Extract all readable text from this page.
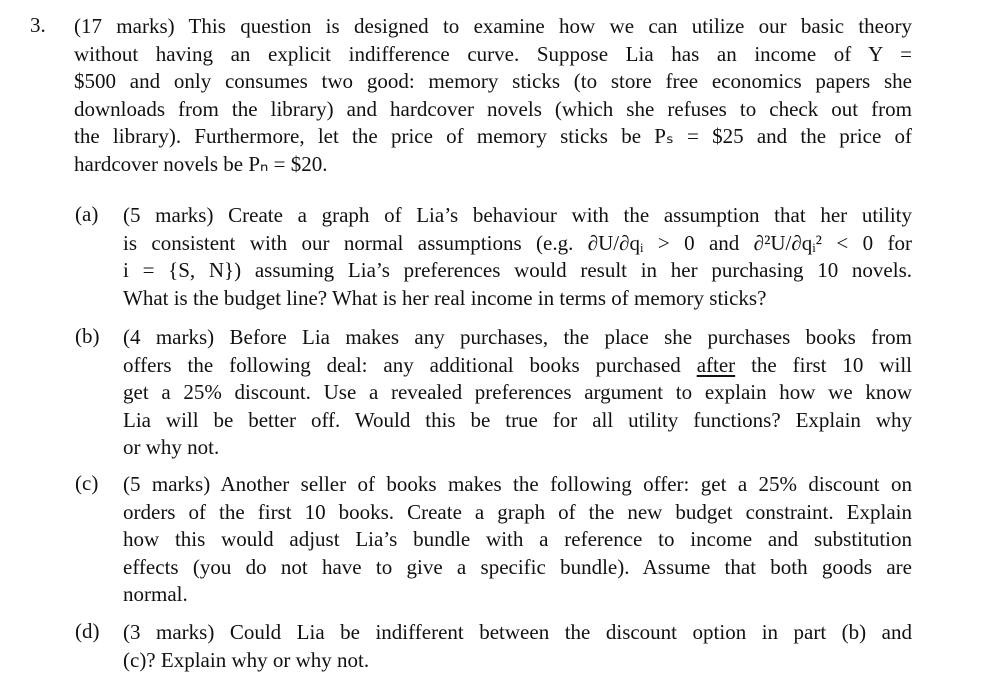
3. (17 marks) This question is designed to examine how we can utilize our basic theory
without having an explicit indifference curve. Suppose Lia has an income of Y =
$500 and only consumes two good: memory sticks (to store free economics papers she
downloads from the library) and hardcover novels (which she refuses to check out from
the library). Furthermore, let the price of memory sticks be Pₛ = $25 and the price of
hardcover novels be Pₙ = $20.
(a) (5 marks) Create a graph of Lia’s behaviour with the assumption that her utility
is consistent with our normal assumptions (e.g. ∂U/∂qᵢ > 0 and ∂²U/∂qᵢ² < 0 for
i = {S, N}) assuming Lia’s preferences would result in her purchasing 10 novels.
What is the budget line? What is her real income in terms of memory sticks?
(b) (4 marks) Before Lia makes any purchases, the place she purchases books from
offers the following deal: any additional books purchased after the first 10 will
get a 25% discount. Use a revealed preferences argument to explain how we know
Lia will be better off. Would this be true for all utility functions? Explain why
or why not.
(c) (5 marks) Another seller of books makes the following offer: get a 25% discount on
orders of the first 10 books. Create a graph of the new budget constraint. Explain
how this would adjust Lia’s bundle with a reference to income and substitution
effects (you do not have to give a specific bundle). Assume that both goods are
normal.
(d) (3 marks) Could Lia be indifferent between the discount option in part (b) and
(c)? Explain why or why not.
